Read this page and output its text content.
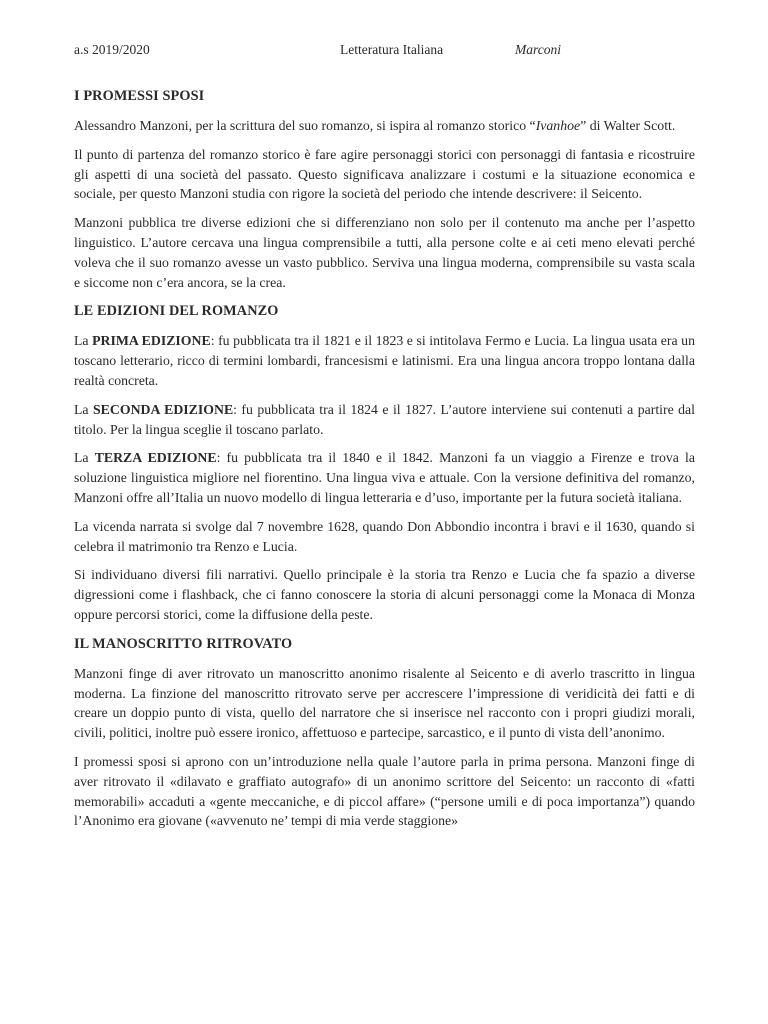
a.s 2019/2020	Letteratura Italiana	Marconi
I PROMESSI SPOSI

Alessandro Manzoni, per la scrittura del suo romanzo, si ispira al romanzo storico “Ivanhoe” di Walter Scott.

Il punto di partenza del romanzo storico è fare agire personaggi storici con personaggi di fantasia e ricostruire gli aspetti di una società del passato. Questo significava analizzare i costumi e la situazione economica e sociale, per questo Manzoni studia con rigore la società del periodo che intende descrivere: il Seicento.

Manzoni pubblica tre diverse edizioni che si differenziano non solo per il contenuto ma anche per l’aspetto linguistico. L’autore cercava una lingua comprensibile a tutti, alla persone colte e ai ceti meno elevati perché voleva che il suo romanzo avesse un vasto pubblico. Serviva una lingua moderna, comprensibile su vasta scala e siccome non c’era ancora, se la crea.

LE EDIZIONI DEL ROMANZO

La PRIMA EDIZIONE: fu pubblicata tra il 1821 e il 1823 e si intitolava Fermo e Lucia. La lingua usata era un toscano letterario, ricco di termini lombardi, francesismi e latinismi. Era una lingua ancora troppo lontana dalla realtà concreta.

La SECONDA EDIZIONE: fu pubblicata tra il 1824 e il 1827. L’autore interviene sui contenuti a partire dal titolo. Per la lingua sceglie il toscano parlato.

La TERZA EDIZIONE: fu pubblicata tra il 1840 e il 1842. Manzoni fa un viaggio a Firenze e trova la soluzione linguistica migliore nel fiorentino. Una lingua viva e attuale. Con la versione definitiva del romanzo, Manzoni offre all’Italia un nuovo modello di lingua letteraria e d’uso, importante per la futura società italiana.

La vicenda narrata si svolge dal 7 novembre 1628, quando Don Abbondio incontra i bravi e il 1630, quando si celebra il matrimonio tra Renzo e Lucia.

Si individuano diversi fili narrativi. Quello principale è la storia tra Renzo e Lucia che fa spazio a diverse digressioni come i flashback, che ci fanno conoscere la storia di alcuni personaggi come la Monaca di Monza oppure percorsi storici, come la diffusione della peste.

IL MANOSCRITTO RITROVATO

Manzoni finge di aver ritrovato un manoscritto anonimo risalente al Seicento e di averlo trascritto in lingua moderna. La finzione del manoscritto ritrovato serve per accrescere l’impressione di veridicità dei fatti e di creare un doppio punto di vista, quello del narratore che si inserisce nel racconto con i propri giudizi morali, civili, politici, inoltre può essere ironico, affettuoso e partecipe, sarcastico, e il punto di vista dell’anonimo.

I promessi sposi si aprono con un’introduzione nella quale l’autore parla in prima persona. Manzoni finge di aver ritrovato il «dilavato e graffiato autografo» di un anonimo scrittore del Seicento: un racconto di «fatti memorabili» accaduti a «gente meccaniche, e di piccol affare» (“persone umili e di poca importanza”) quando l’Anonimo era giovane («avvenuto ne’ tempi di mia verde staggione»
